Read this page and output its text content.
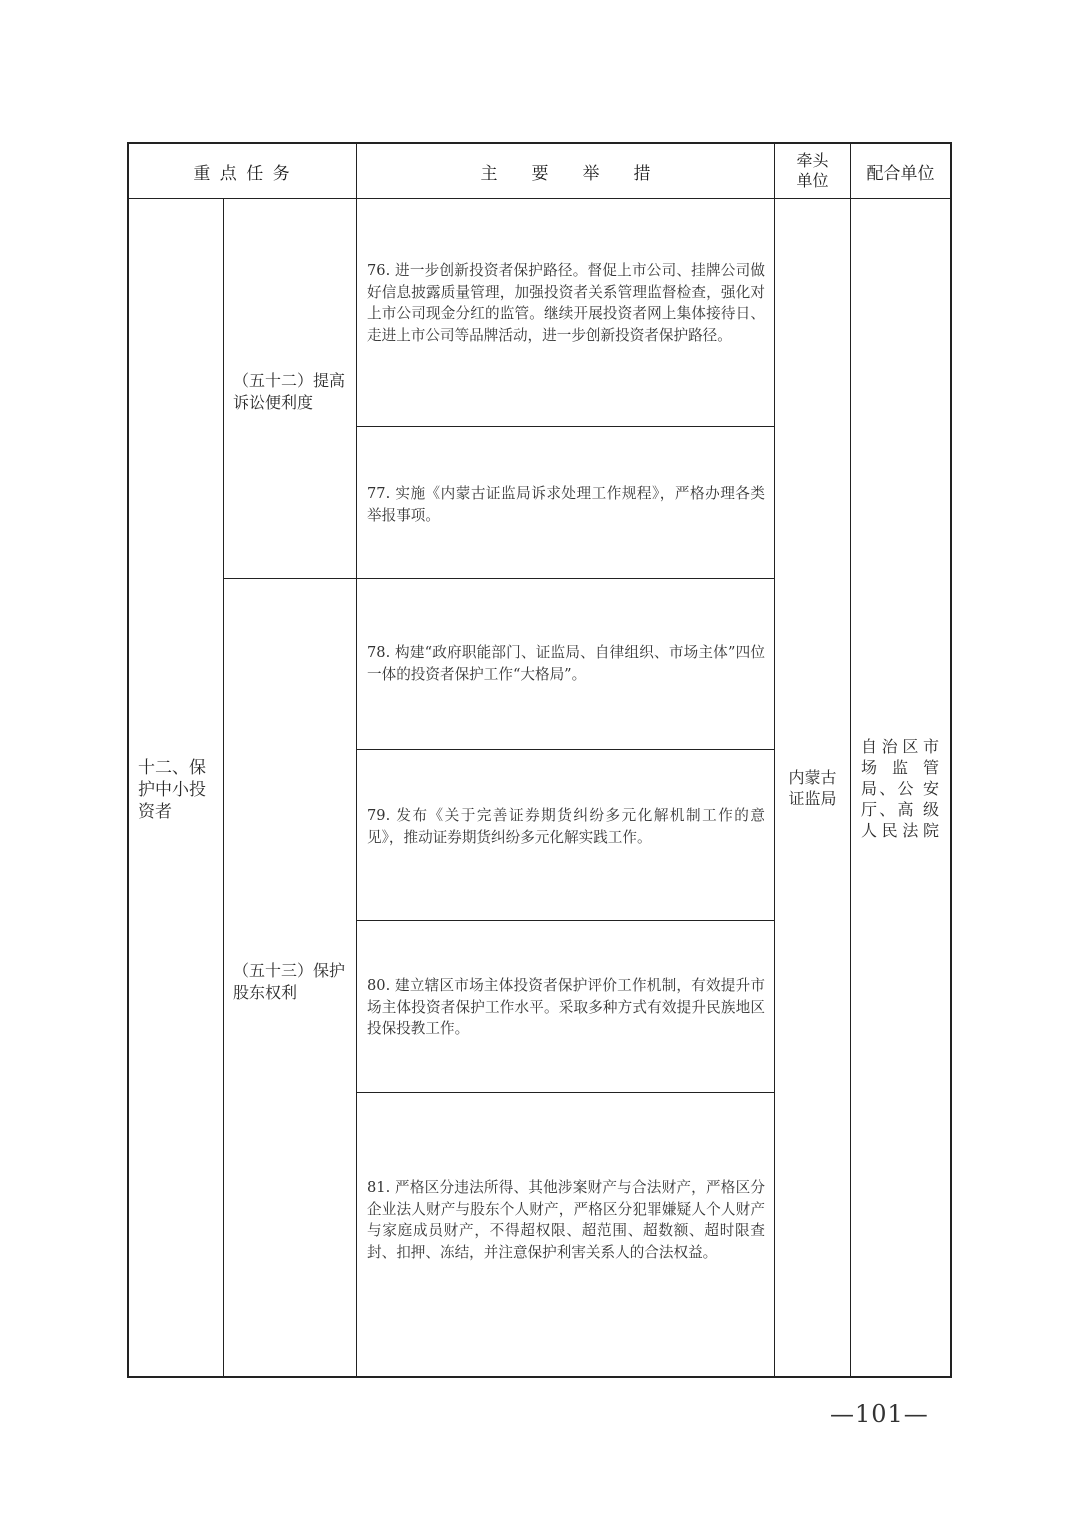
重 点 任 务	主　　要　　举　　措
牵头
单位	配合单位
十二、保
护中小投
资者
（五十二）提高
诉讼便利度
（五十三）保护
股东权利
76. 进一步创新投资者保护路径。督促上市公司、挂牌公司做好信息披露质量管理，加强投资者关系管理监督检查，强化对上市公司现金分红的监管。继续开展投资者网上集体接待日、走进上市公司等品牌活动，进一步创新投资者保护路径。
77. 实施《内蒙古证监局诉求处理工作规程》，严格办理各类举报事项。
78. 构建“政府职能部门、证监局、自律组织、市场主体”四位一体的投资者保护工作“大格局”。
79. 发布《关于完善证券期货纠纷多元化解机制工作的意见》，推动证券期货纠纷多元化解实践工作。
80. 建立辖区市场主体投资者保护评价工作机制，有效提升市场主体投资者保护工作水平。采取多种方式有效提升民族地区投保投教工作。
81. 严格区分违法所得、其他涉案财产与合法财产，严格区分企业法人财产与股东个人财产，严格区分犯罪嫌疑人个人财产与家庭成员财产，不得超权限、超范围、超数额、超时限查封、扣押、冻结，并注意保护利害关系人的合法权益。
内蒙古
证监局
自治区市
场 监 管
局、公 安
厅、高 级
人民法院
—101—
